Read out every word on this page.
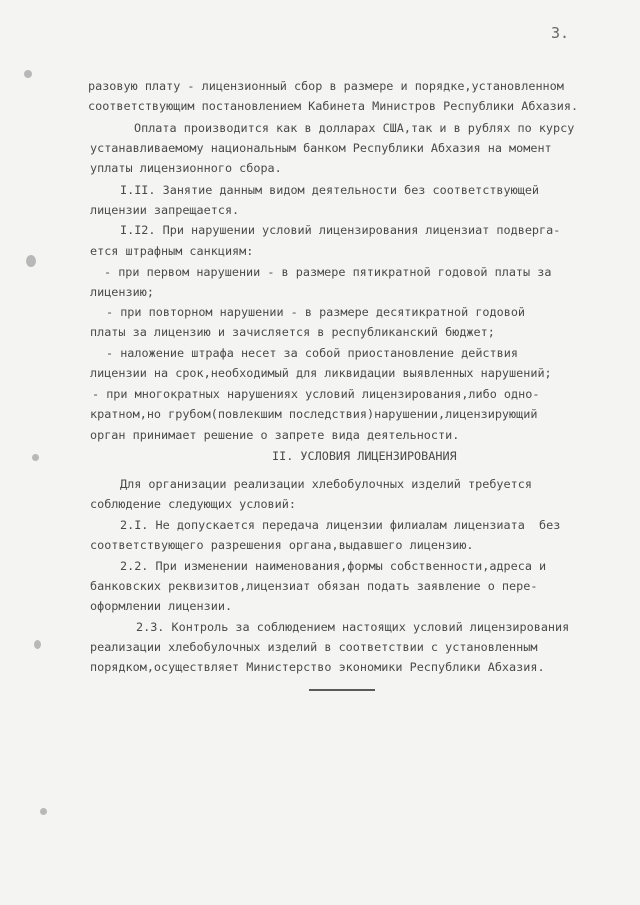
3.

разовую плату - лицензионный сбор в размере и порядке,установленном

соответствующим постановлением Кабинета Министров Республики Абхазия.

Оплата производится как в долларах США,так и в рублях по курсу

устанавливаемому национальным банком Республики Абхазия на момент

уплаты лицензионного сбора.

I.II. Занятие данным видом деятельности без соответствующей

лицензии запрещается.

I.I2. При нарушении условий лицензирования лицензиат подверга-

ется штрафным санкциям:

- при первом нарушении - в размере пятикратной годовой платы за

лицензию;

- при повторном нарушении - в размере десятикратной годовой

платы за лицензию и зачисляется в республиканский бюджет;

- наложение штрафа несет за собой приостановление действия

лицензии на срок,необходимый для ликвидации выявленных нарушений;

- при многократных нарушениях условий лицензирования,либо одно-

кратном,но грубом(повлекшим последствия)нарушении,лицензирующий

орган принимает решение о запрете вида деятельности.

II. УСЛОВИЯ ЛИЦЕНЗИРОВАНИЯ

Для организации реализации хлебобулочных изделий требуется

соблюдение следующих условий:

2.I. Не допускается передача лицензии филиалам лицензиата  без

соответствующего разрешения органа,выдавшего лицензию.

2.2. При изменении наименования,формы собственности,адреса и

банковских реквизитов,лицензиат обязан подать заявление о пере-

оформлении лицензии.

2.3. Контроль за соблюдением настоящих условий лицензирования

реализации хлебобулочных изделий в соответствии с установленным

порядком,осуществляет Министерство экономики Республики Абхазия.
